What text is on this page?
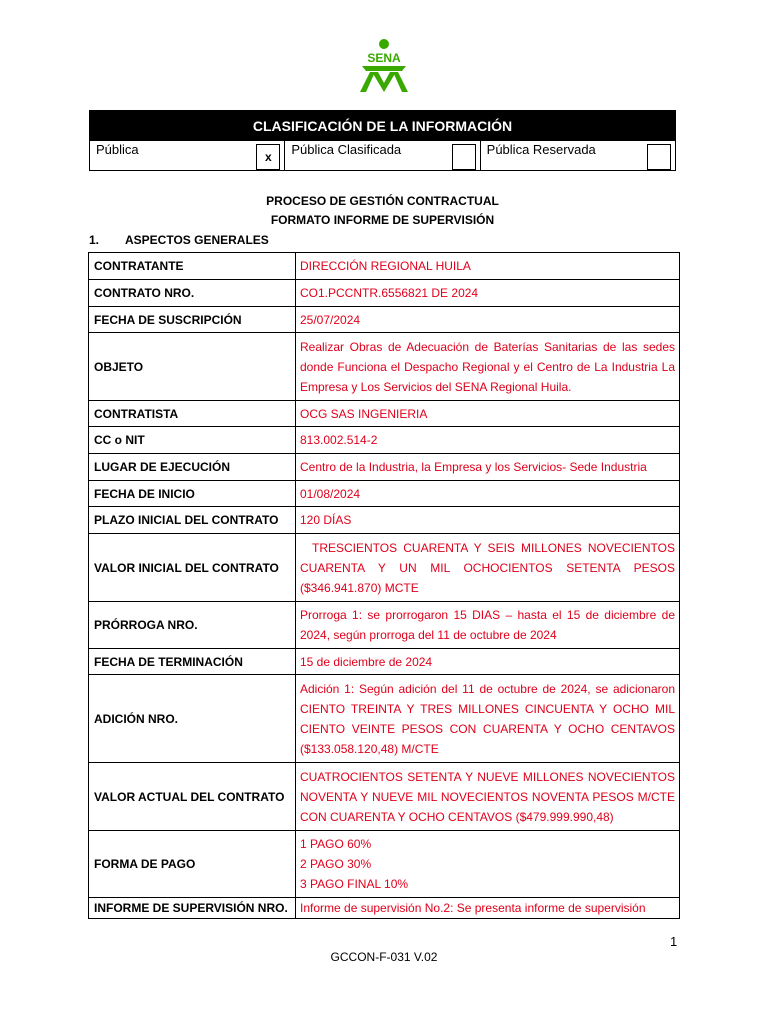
SENA
CLASIFICACIÓN DE LA INFORMACIÓN
Pública	x	Pública Clasificada	Pública Reservada
PROCESO DE GESTIÓN CONTRACTUAL
FORMATO INFORME DE SUPERVISIÓN
1. ASPECTOS GENERALES
CONTRATANTE	DIRECCIÓN REGIONAL HUILA
CONTRATO NRO.	CO1.PCCNTR.6556821 DE 2024
FECHA DE SUSCRIPCIÓN	25/07/2024
OBJETO	Realizar Obras de Adecuación de Baterías Sanitarias de las sedes donde Funciona el Despacho Regional y el Centro de La Industria La Empresa y Los Servicios del SENA Regional Huila.
CONTRATISTA	OCG SAS INGENIERIA
CC o NIT	813.002.514-2
LUGAR DE EJECUCIÓN	Centro de la Industria, la Empresa y los Servicios- Sede Industria
FECHA DE INICIO	01/08/2024
PLAZO INICIAL DEL CONTRATO	120 DÍAS
VALOR INICIAL DEL CONTRATO	TRESCIENTOS CUARENTA Y SEIS MILLONES NOVECIENTOS CUARENTA Y UN MIL OCHOCIENTOS SETENTA PESOS ($346.941.870) MCTE
PRÓRROGA NRO.	Prorroga 1: se prorrogaron 15 DIAS – hasta el 15 de diciembre de 2024, según prorroga del 11 de octubre de 2024
FECHA DE TERMINACIÓN	15 de diciembre de 2024
ADICIÓN NRO.	Adición 1: Según adición del 11 de octubre de 2024, se adicionaron CIENTO TREINTA Y TRES MILLONES CINCUENTA Y OCHO MIL CIENTO VEINTE PESOS CON CUARENTA Y OCHO CENTAVOS ($133.058.120,48) M/CTE
VALOR ACTUAL DEL CONTRATO	CUATROCIENTOS SETENTA Y NUEVE MILLONES NOVECIENTOS NOVENTA Y NUEVE MIL NOVECIENTOS NOVENTA PESOS M/CTE CON CUARENTA Y OCHO CENTAVOS ($479.999.990,48)
FORMA DE PAGO	1 PAGO 60%
2 PAGO 30%
3 PAGO FINAL 10%

INFORME DE SUPERVISIÓN NRO.	Informe de supervisión No.2: Se presenta informe de supervisión
1
GCCON-F-031 V.02
